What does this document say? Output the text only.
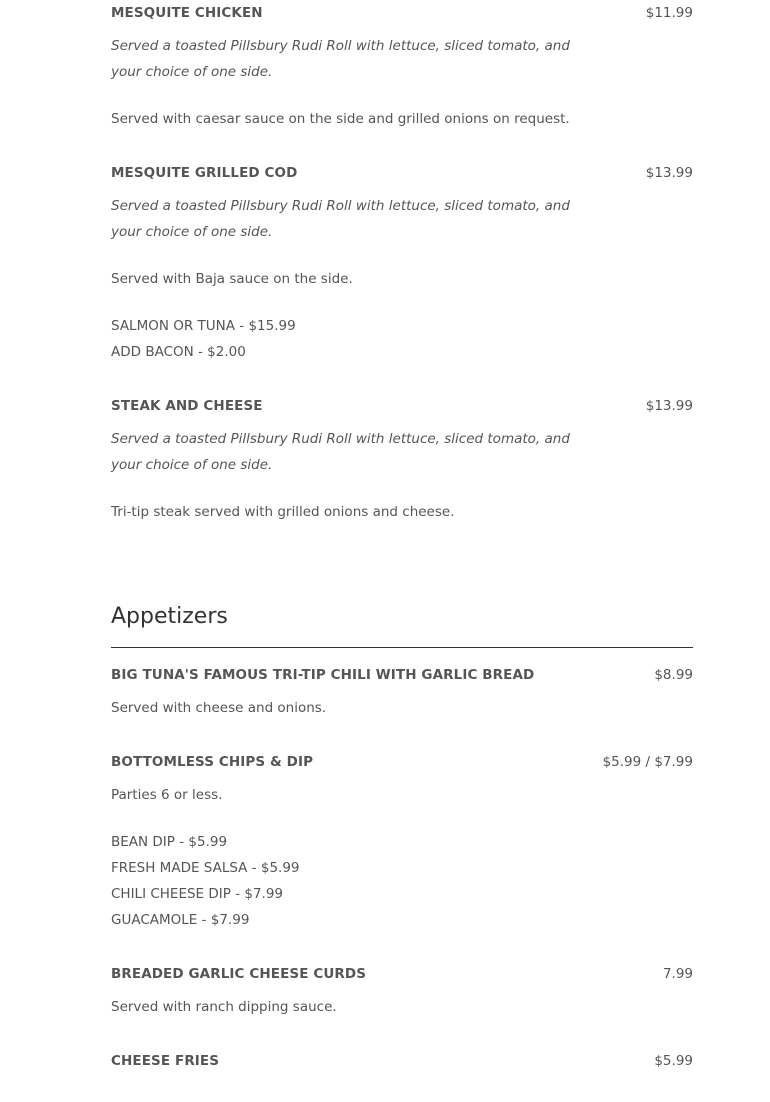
MESQUITE CHICKEN	$11.99
Served a toasted Pillsbury Rudi Roll with lettuce, sliced tomato, and your choice of one side.
Served with caesar sauce on the side and grilled onions on request.
MESQUITE GRILLED COD	$13.99
Served a toasted Pillsbury Rudi Roll with lettuce, sliced tomato, and your choice of one side.
Served with Baja sauce on the side.
SALMON OR TUNA - $15.99
ADD BACON - $2.00
STEAK AND CHEESE	$13.99
Served a toasted Pillsbury Rudi Roll with lettuce, sliced tomato, and your choice of one side.
Tri-tip steak served with grilled onions and cheese.
Appetizers
BIG TUNA'S FAMOUS TRI-TIP CHILI WITH GARLIC BREAD	$8.99
Served with cheese and onions.
BOTTOMLESS CHIPS & DIP	$5.99 / $7.99
Parties 6 or less.
BEAN DIP - $5.99
FRESH MADE SALSA - $5.99
CHILI CHEESE DIP - $7.99
GUACAMOLE - $7.99
BREADED GARLIC CHEESE CURDS	7.99
Served with ranch dipping sauce.
CHEESE FRIES	$5.99
